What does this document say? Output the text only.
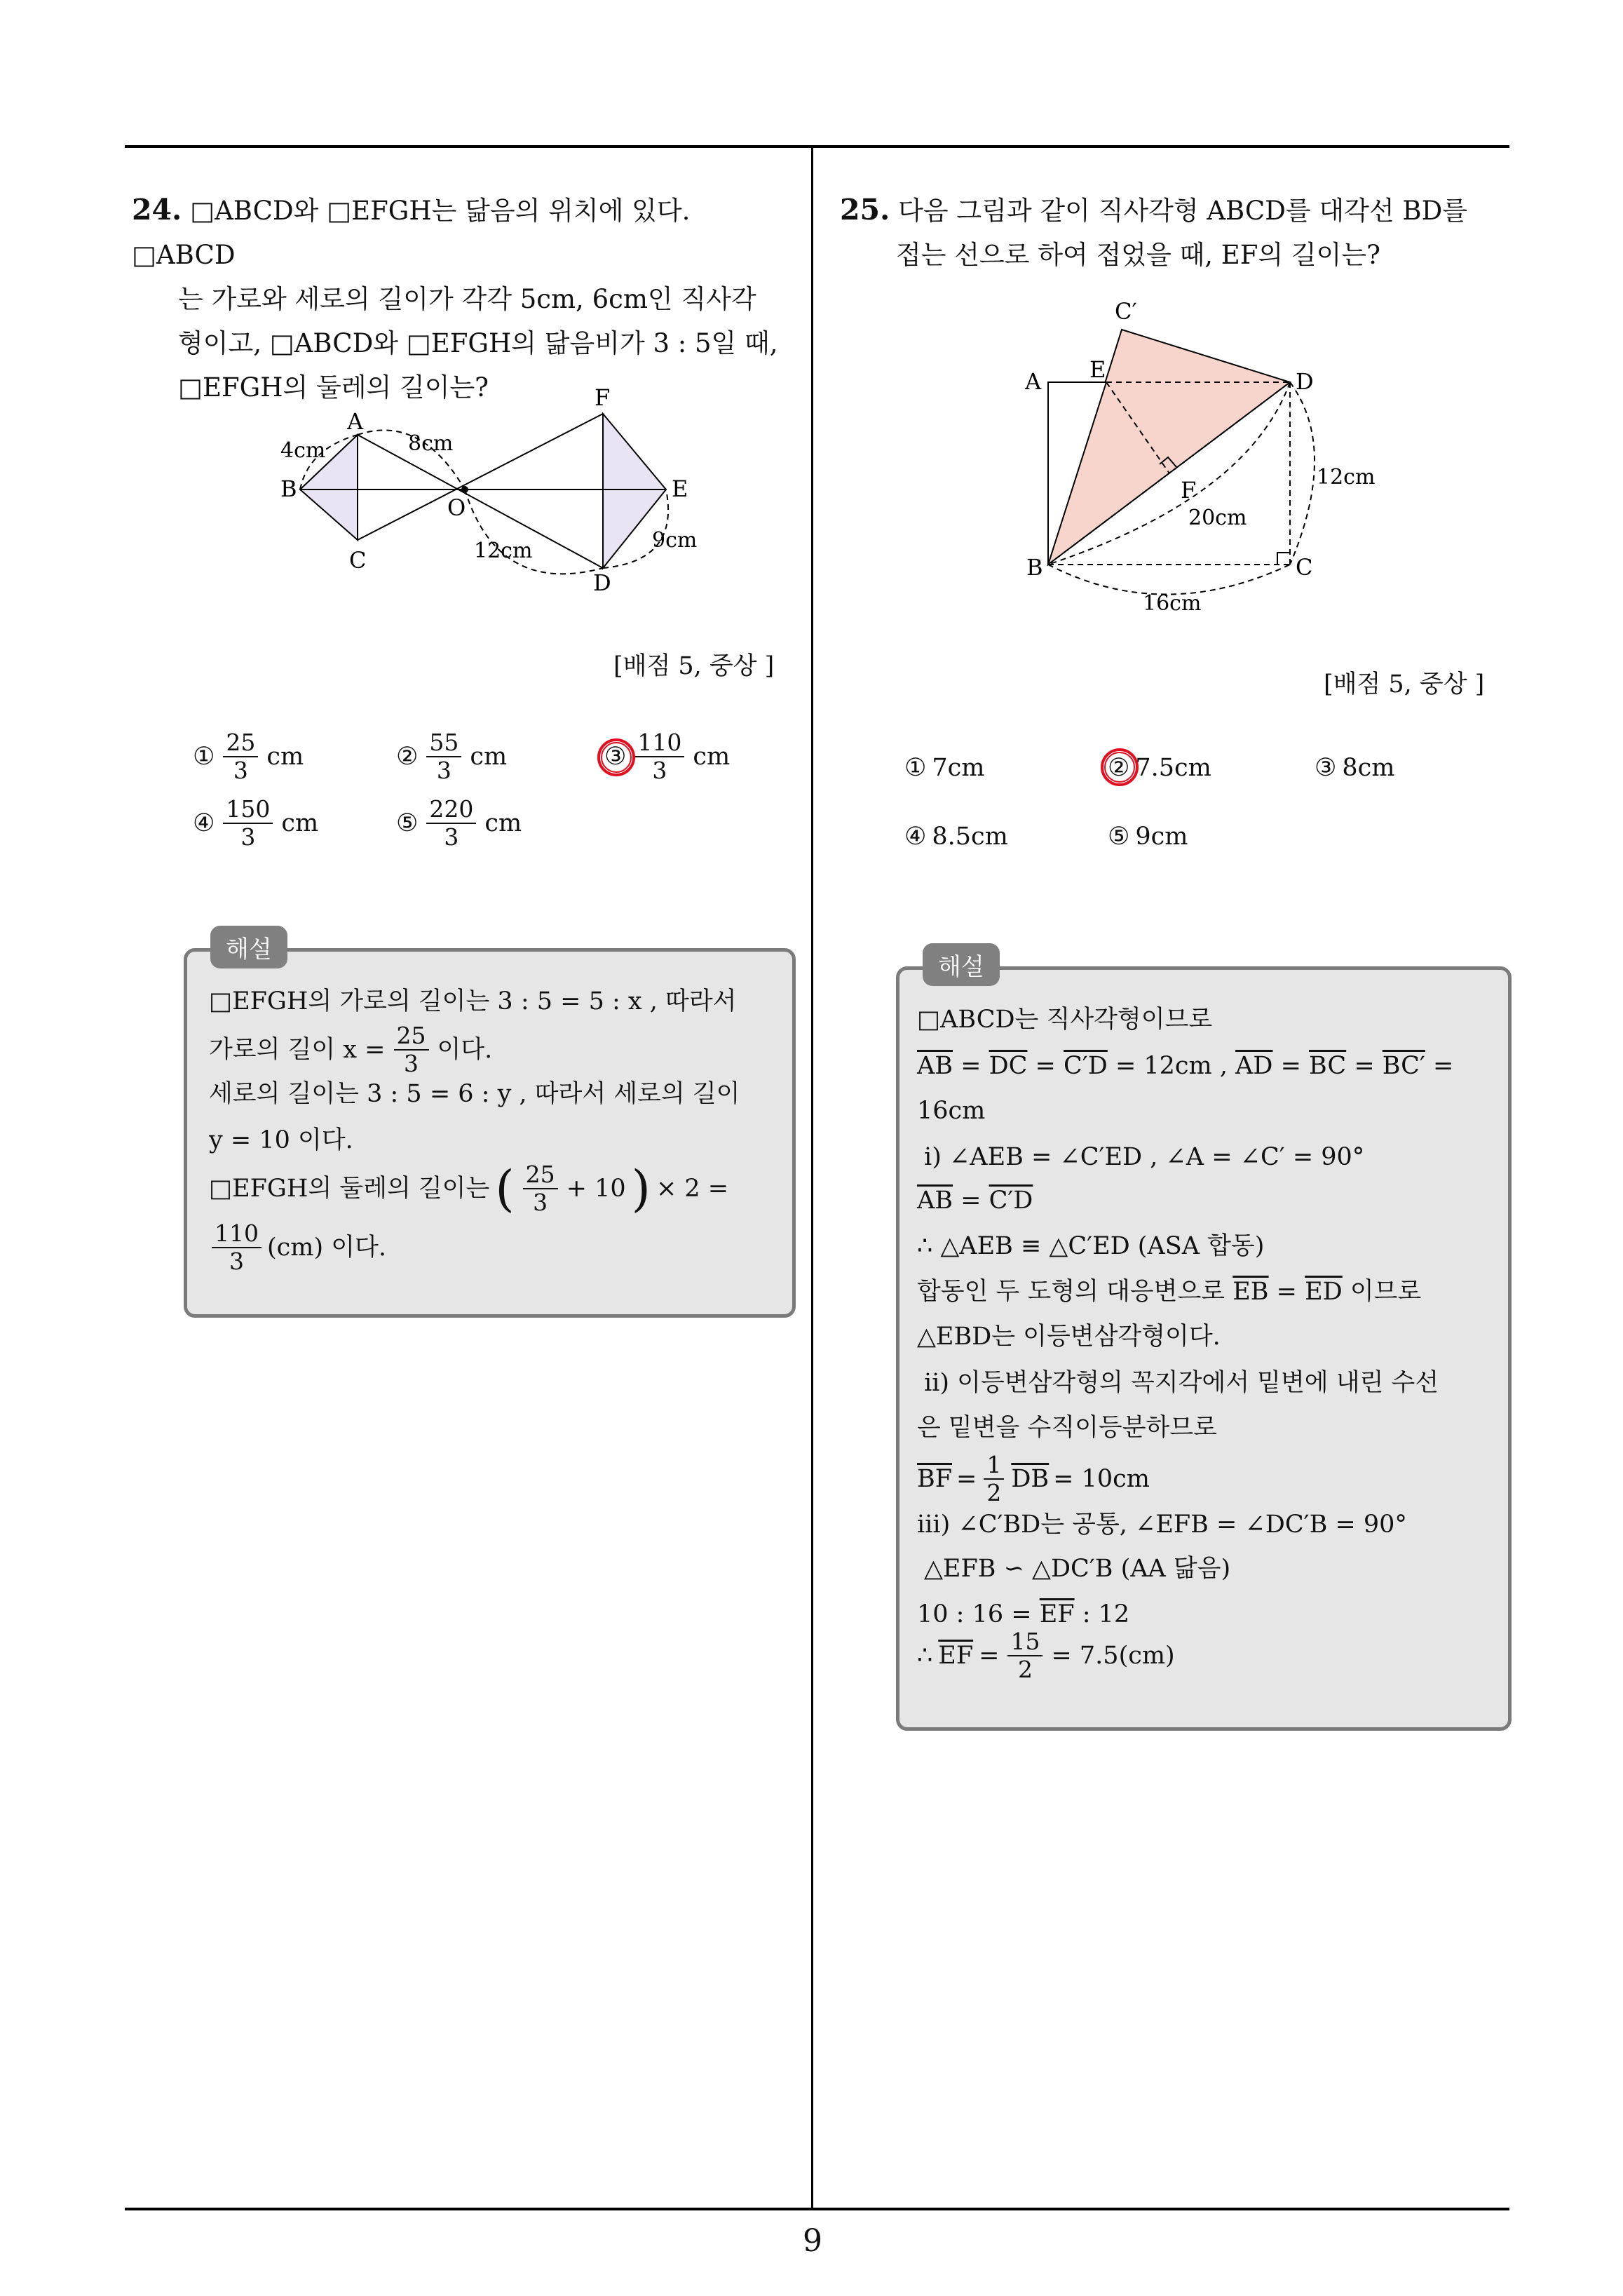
24. □ABCD와 □EFGH는 닮음의 위치에 있다. □ABCD
는 가로와 세로의 길이가 각각 5cm, 6cm인 직사각
형이고, □ABCD와 □EFGH의 닮음비가 3 : 5일 때,
□EFGH의 둘레의 길이는?
A
B
C
O
F
E
D
4cm	8cm
12cm	9cm
[배점 5, 중상 ]
① $\frac{25}{3}$ cm	② $\frac{55}{3}$ cm	③ $\frac{110}{3}$ cm
④ $\frac{150}{3}$ cm	⑤ $\frac{220}{3}$ cm
해설
□EFGH의 가로의 길이는 3 : 5 = 5 : x , 따라서
가로의 길이 $x = \frac{25}{3}$ 이다.
세로의 길이는 3 : 5 = 6 : y , 따라서 세로의 길이
y = 10 이다.
□EFGH의 둘레의 길이는 ( $\frac{25}{3} + 10$ ) × 2 =
$\frac{110}{3} (cm)$ 이다.
25. 다음 그림과 같이 직사각형 ABCD를 대각선 BD를
접는 선으로 하여 접었을 때, EF의 길이는?
C′
A E	D
F
B	C
12cm
20cm
16cm
[배점 5, 중상 ]
① 7cm	② 7.5cm	③ 8cm
④ 8.5cm	⑤ 9cm
해설
□ABCD는 직사각형이므로
$\overline{AB} = \overline{DC} = C'D = 12cm$ , $\overline{AD} = \overline{BC} = BC'$ =
16cm
ⅰ) ∠AEB = ∠C′ED , ∠A = ∠C′ = 90°
$\overline{AB} = C'D$
∴ △AEB ≡ △C′ED (ASA 합동)
합동인 두 도형의 대응변으로 $\overline{EB} = \overline{ED}$ 이므로
△EBD는 이등변삼각형이다.
ⅱ) 이등변삼각형의 꼭지각에서 밑변에 내린 수선
은 밑변을 수직이등분하므로
$\overline{BF} = \frac{1}{2} \overline{DB} = 10cm$
ⅲ) ∠C′BD는 공통, ∠EFB = ∠DC′B = 90°
△EFB ∽ △DC′B (AA 닮음)
10 : $16 = \overline{EF}$ : 12
∴ $\overline{EF} = \frac{15}{2} = 7.5(cm)$
9
